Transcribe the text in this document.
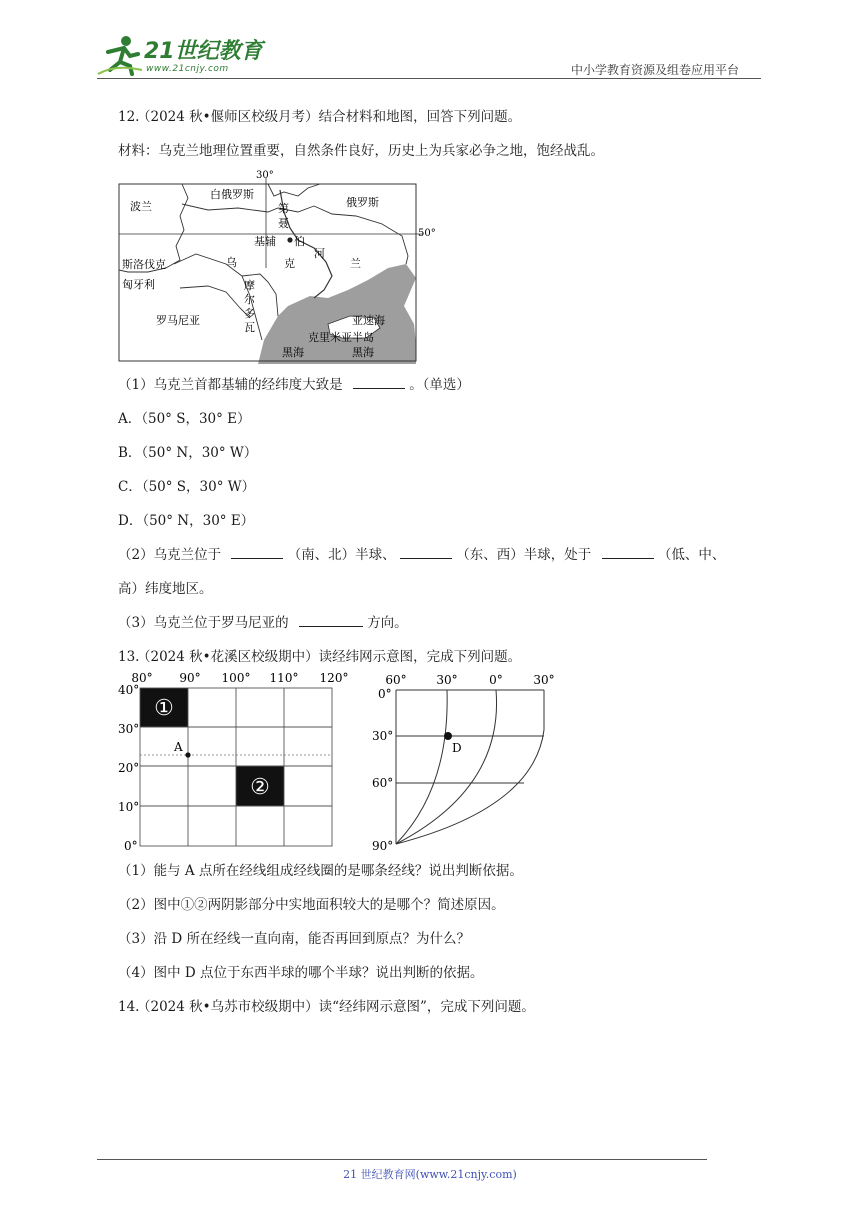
21世纪教育
www.21cnjy.com	中小学教育资源及组卷应用平台
12.
（2024 秋•偃师区校级月考）结合材料和地图，回答下列问题。
材料：乌克兰地理位置重要，自然条件良好，历史上为兵家必争之地，饱经战乱。
30°
50°
波兰
白俄罗斯
俄罗斯
第
聂
基辅 伯
河
乌	克	兰
斯洛伐克
匈牙利
罗马尼亚
摩
尔
多
瓦
亚速海
克里米亚半岛
黑海	黑海
（1）乌克兰首都基辅的经纬度大致是	。（单选）
A．（50° S，30° E）
B．（50° N，30° W）
C．（50° S，30° W）
D．（50° N，30° E）
（2）乌克兰位于	（南、北）半球、	（东、西）半球，处于	（低、中、
高）纬度地区。
（3）乌克兰位于罗马尼亚的	方向。
13.
（2024 秋•花溪区校级期中）读经纬网示意图，完成下列问题。
A
①
②
80° 90° 100° 110° 120°
40°
30°
20°
10°
0°
D
60° 30°	0°	30°
0°
30°
60°
90°
（1）能与 A 点所在经线组成经线圈的是哪条经线？说出判断依据。
（2）图中①②两阴影部分中实地面积较大的是哪个？简述原因。
（3）沿 D 所在经线一直向南，能否再回到原点？为什么？
（4）图中 D 点位于东西半球的哪个半球？说出判断的依据。
14.
（2024 秋•乌苏市校级期中）读“经纬网示意图”，完成下列问题。
21 世纪教育网(www.21cnjy.com)
